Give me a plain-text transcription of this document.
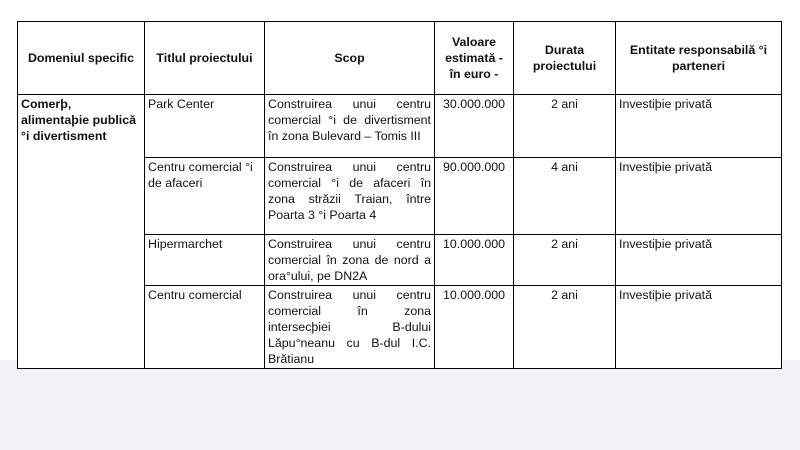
Domeniul specific	Titlul proiectului	Scop	Valoare estimată - în euro -	Durata proiectului	Entitate responsabilă °i parteneri
Comerþ, alimentaþie publică °i divertisment	Park Center	Construirea unui centru comercial °i de divertisment în zona Bulevard – Tomis III	30.000.000	2 ani	Investiþie privată
	Centru comercial °i de afaceri	Construirea unui centru comercial °i de afaceri în zona străzii Traian, între Poarta 3 °i Poarta 4	90.000.000	4 ani	Investiþie privată
	Hipermarchet	Construirea unui centru comercial în zona de nord a ora°ului, pe DN2A	10.000.000	2 ani	Investiþie privată
	Centru comercial	Construirea unui centru comercial în zona intersecþiei B-dului Lăpu°neanu cu B-dul I.C. Brătianu	10.000.000	2 ani	Investiþie privată
